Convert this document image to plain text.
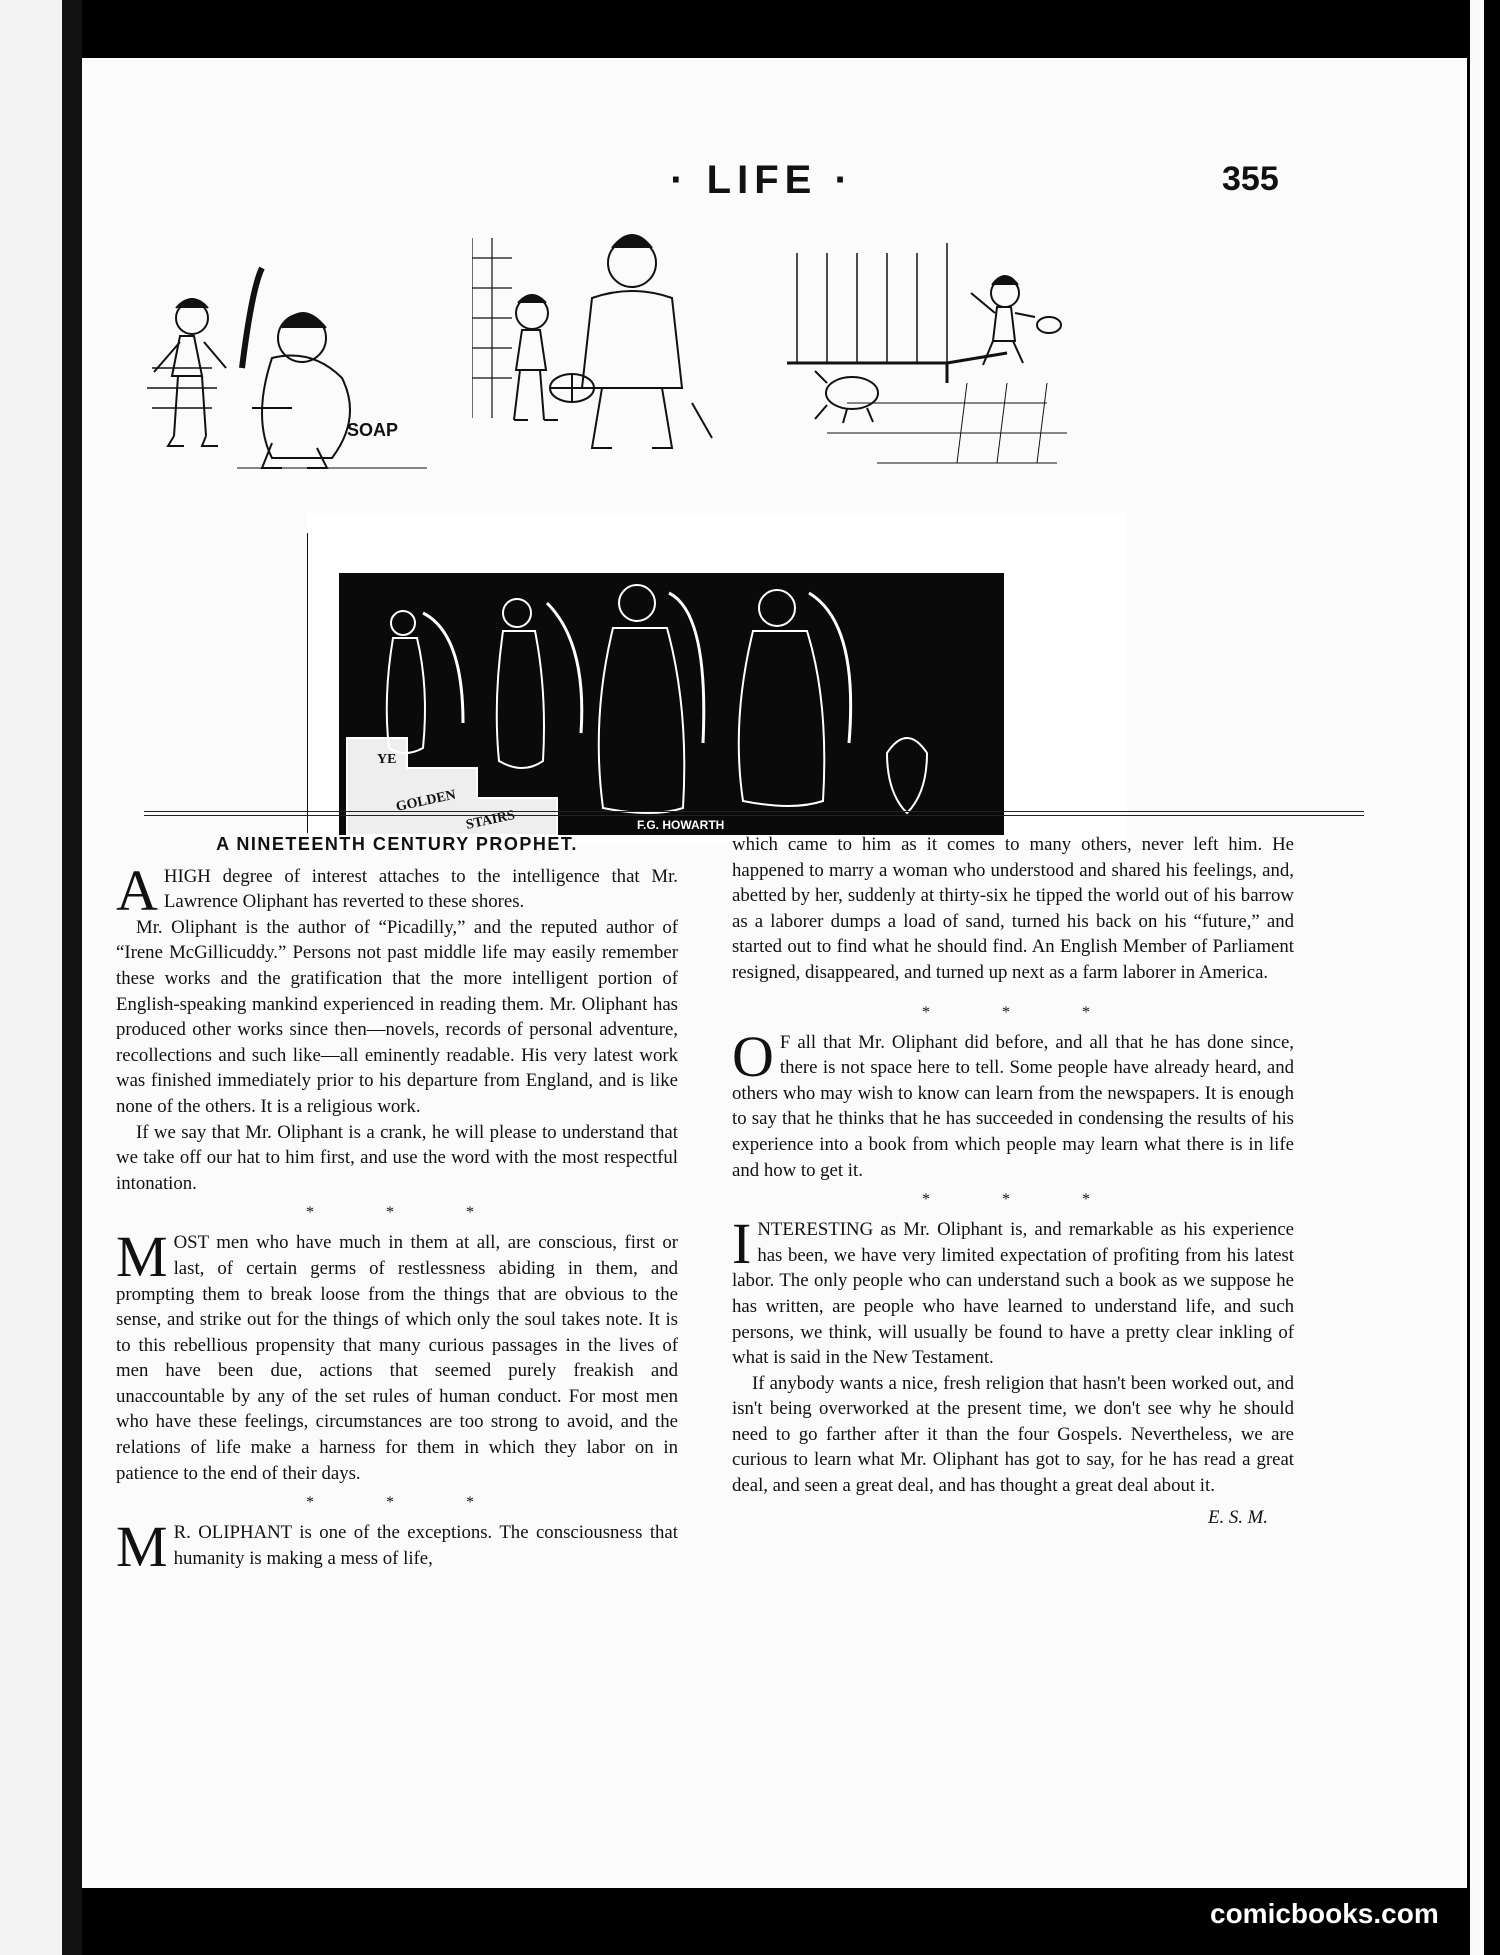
· LIFE ·	355
SOAP
YE
GOLDEN
STAIRS	F.G. HOWARTH
A NINETEENTH CENTURY PROPHET.

AHIGH degree of interest attaches to the intelligence that Mr. Lawrence Oliphant has reverted to these shores.

Mr. Oliphant is the author of “Picadilly,” and the reputed author of “Irene McGillicuddy.” Persons not past middle life may easily remember these works and the gratification that the more intelligent portion of English-speaking mankind experienced in reading them. Mr. Oliphant has produced other works since then—novels, records of personal adventure, recollections and such like—all eminently readable. His very latest work was finished immediately prior to his departure from England, and is like none of the others. It is a religious work.

If we say that Mr. Oliphant is a crank, he will please to understand that we take off our hat to him first, and use the word with the most respectful intonation.

* * *

MOST men who have much in them at all, are conscious, first or last, of certain germs of restlessness abiding in them, and prompting them to break loose from the things that are obvious to the sense, and strike out for the things of which only the soul takes note. It is to this rebellious propensity that many curious passages in the lives of men have been due, actions that seemed purely freakish and unaccountable by any of the set rules of human conduct. For most men who have these feelings, circumstances are too strong to avoid, and the relations of life make a harness for them in which they labor on in patience to the end of their days.

* * *

M R. OLIPHANT is one of the exceptions. The consciousness that humanity is making a mess of life,

which came to him as it comes to many others, never left him. He happened to marry a woman who understood and shared his feelings, and, abetted by her, suddenly at thirty-six he tipped the world out of his barrow as a laborer dumps a load of sand, turned his back on his “future,” and started out to find what he should find. An English Member of Parliament resigned, disappeared, and turned up next as a farm laborer in America.

* * *

O F all that Mr. Oliphant did before, and all that he has done since, there is not space here to tell. Some people have already heard, and others who may wish to know can learn from the newspapers. It is enough to say that he thinks that he has succeeded in condensing the results of his experience into a book from which people may learn what there is in life and how to get it.

* * *

INTERESTING as Mr. Oliphant is, and remarkable as his experience has been, we have very limited expectation of profiting from his latest labor. The only people who can understand such a book as we suppose he has written, are people who have learned to understand life, and such persons, we think, will usually be found to have a pretty clear inkling of what is said in the New Testament.

If anybody wants a nice, fresh religion that hasn't been worked out, and isn't being overworked at the present time, we don't see why he should need to go farther after it than the four Gospels. Nevertheless, we are curious to learn what Mr. Oliphant has got to say, for he has read a great deal, and seen a great deal, and has thought a great deal about it.

E. S. M.
comicbooks.com
